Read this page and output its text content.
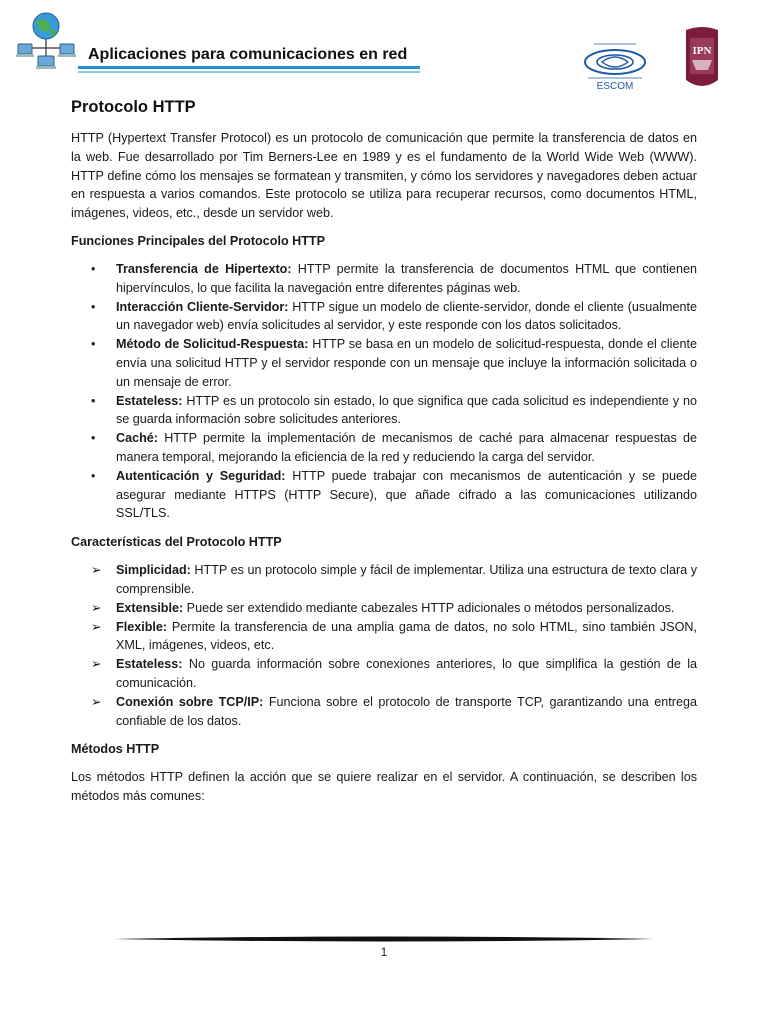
Aplicaciones para comunicaciones en red
ESCOM
IPN
Protocolo HTTP

HTTP (Hypertext Transfer Protocol) es un protocolo de comunicación que permite la transferencia de datos en la web. Fue desarrollado por Tim Berners-Lee en 1989 y es el fundamento de la World Wide Web (WWW). HTTP define cómo los mensajes se formatean y transmiten, y cómo los servidores y navegadores deben actuar en respuesta a varios comandos. Este protocolo se utiliza para recuperar recursos, como documentos HTML, imágenes, videos, etc., desde un servidor web.

Funciones Principales del Protocolo HTTP
• Transferencia de Hipertexto: HTTP permite la transferencia de documentos HTML que contienen hipervínculos, lo que facilita la navegación entre diferentes páginas web.
• Interacción Cliente-Servidor: HTTP sigue un modelo de cliente-servidor, donde el cliente (usualmente un navegador web) envía solicitudes al servidor, y este responde con los datos solicitados.
• Método de Solicitud-Respuesta: HTTP se basa en un modelo de solicitud-respuesta, donde el cliente envía una solicitud HTTP y el servidor responde con un mensaje que incluye la información solicitada o un mensaje de error.
• Estateless: HTTP es un protocolo sin estado, lo que significa que cada solicitud es independiente y no se guarda información sobre solicitudes anteriores.
• Caché: HTTP permite la implementación de mecanismos de caché para almacenar respuestas de manera temporal, mejorando la eficiencia de la red y reduciendo la carga del servidor.
• Autenticación y Seguridad: HTTP puede trabajar con mecanismos de autenticación y se puede asegurar mediante HTTPS (HTTP Secure), que añade cifrado a las comunicaciones utilizando SSL/TLS.
Características del Protocolo HTTP
➢ Simplicidad: HTTP es un protocolo simple y fácil de implementar. Utiliza una estructura de texto clara y comprensible.
➢ Extensible: Puede ser extendido mediante cabezales HTTP adicionales o métodos personalizados.
➢ Flexible: Permite la transferencia de una amplia gama de datos, no solo HTML, sino también JSON, XML, imágenes, videos, etc.
➢ Estateless: No guarda información sobre conexiones anteriores, lo que simplifica la gestión de la comunicación.
➢ Conexión sobre TCP/IP: Funciona sobre el protocolo de transporte TCP, garantizando una entrega confiable de los datos.
Métodos HTTP

Los métodos HTTP definen la acción que se quiere realizar en el servidor. A continuación, se describen los métodos más comunes:

1
